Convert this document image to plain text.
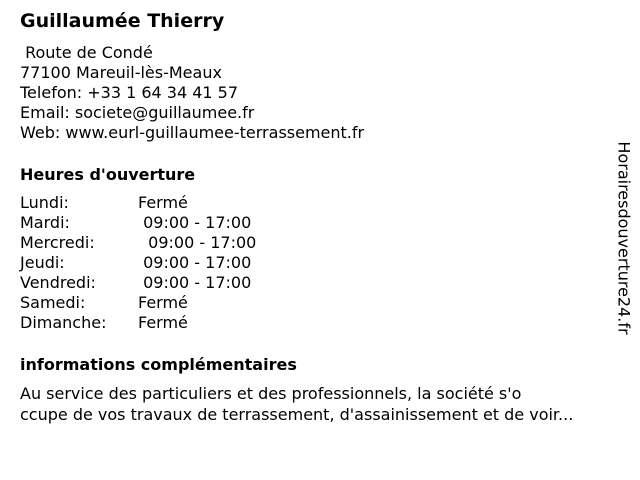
Guillaumée Thierry
Route de Condé
77100 Mareuil-lès-Meaux
Telefon: +33 1 64 34 41 57
Email: societe@guillaumee.fr
Web: www.eurl-guillaumee-terrassement.fr
Heures d'ouverture
Lundi:	Fermé
Mardi:	09:00 - 17:00
Mercredi:	09:00 - 17:00
Jeudi:	09:00 - 17:00
Vendredi:	09:00 - 17:00
Samedi:	Fermé
Dimanche: Fermé
informations complémentaires
Au service des particuliers et des professionnels, la société s'o
ccupe de vos travaux de terrassement, d'assainissement et de voir...
Horairesdouverture24.fr
